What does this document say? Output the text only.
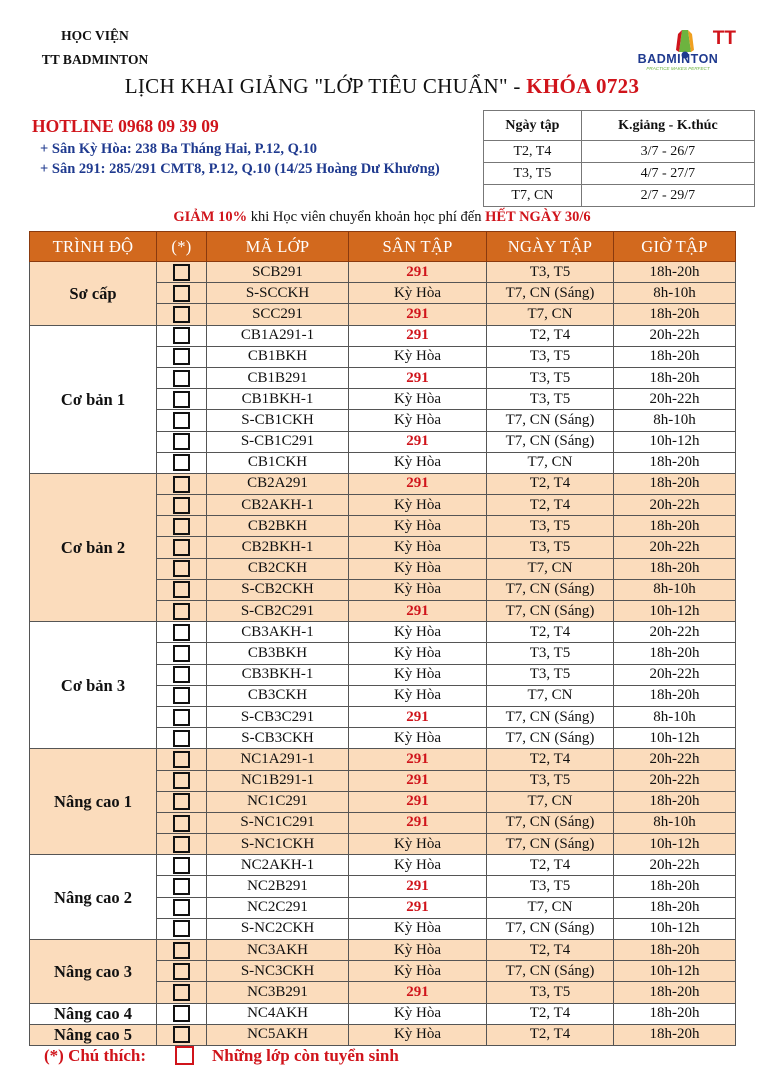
HỌC VIỆN
TT BADMINTON
TT
BADMINTON
PRACTICE MAKES PERFECT
LỊCH KHAI GIẢNG "LỚP TIÊU CHUẨN" - KHÓA 0723
HOTLINE 0968 09 39 09
+ Sân Kỳ Hòa: 238 Ba Tháng Hai, P.12, Q.10
+ Sân 291: 285/291 CMT8, P.12, Q.10 (14/25 Hoàng Dư Khương)
Ngày tập	K.giảng - K.thúc
T2, T4	3/7 - 26/7
T3, T5	4/7 - 27/7
T7, CN	2/7 - 29/7
GIẢM 10% khi Học viên chuyển khoản học phí đến HẾT NGÀY 30/6
TRÌNH ĐỘ	(*)	MÃ LỚP	SÂN TẬP	NGÀY TẬP	GIỜ TẬP
Sơ cấp		SCB291	291	T3, T5	18h-20h
		S-SCCKH	Kỳ Hòa	T7, CN (Sáng)	8h-10h
		SCC291	291	T7, CN	18h-20h
Cơ bản 1		CB1A291-1	291	T2, T4	20h-22h
		CB1BKH	Kỳ Hòa	T3, T5	18h-20h
		CB1B291	291	T3, T5	18h-20h
		CB1BKH-1	Kỳ Hòa	T3, T5	20h-22h
		S-CB1CKH	Kỳ Hòa	T7, CN (Sáng)	8h-10h
		S-CB1C291	291	T7, CN (Sáng)	10h-12h
		CB1CKH	Kỳ Hòa	T7, CN	18h-20h
Cơ bản 2		CB2A291	291	T2, T4	18h-20h
		CB2AKH-1	Kỳ Hòa	T2, T4	20h-22h
		CB2BKH	Kỳ Hòa	T3, T5	18h-20h
		CB2BKH-1	Kỳ Hòa	T3, T5	20h-22h
		CB2CKH	Kỳ Hòa	T7, CN	18h-20h
		S-CB2CKH	Kỳ Hòa	T7, CN (Sáng)	8h-10h
		S-CB2C291	291	T7, CN (Sáng)	10h-12h
Cơ bản 3		CB3AKH-1	Kỳ Hòa	T2, T4	20h-22h
		CB3BKH	Kỳ Hòa	T3, T5	18h-20h
		CB3BKH-1	Kỳ Hòa	T3, T5	20h-22h
		CB3CKH	Kỳ Hòa	T7, CN	18h-20h
		S-CB3C291	291	T7, CN (Sáng)	8h-10h
		S-CB3CKH	Kỳ Hòa	T7, CN (Sáng)	10h-12h
Nâng cao 1		NC1A291-1	291	T2, T4	20h-22h
		NC1B291-1	291	T3, T5	20h-22h
		NC1C291	291	T7, CN	18h-20h
		S-NC1C291	291	T7, CN (Sáng)	8h-10h
		S-NC1CKH	Kỳ Hòa	T7, CN (Sáng)	10h-12h
Nâng cao 2		NC2AKH-1	Kỳ Hòa	T2, T4	20h-22h
		NC2B291	291	T3, T5	18h-20h
		NC2C291	291	T7, CN	18h-20h
		S-NC2CKH	Kỳ Hòa	T7, CN (Sáng)	10h-12h
Nâng cao 3		NC3AKH	Kỳ Hòa	T2, T4	18h-20h
		S-NC3CKH	Kỳ Hòa	T7, CN (Sáng)	10h-12h
		NC3B291	291	T3, T5	18h-20h
Nâng cao 4		NC4AKH	Kỳ Hòa	T2, T4	18h-20h
Nâng cao 5		NC5AKH	Kỳ Hòa	T2, T4	18h-20h
(*) Chú thích:	Những lớp còn tuyển sinh
